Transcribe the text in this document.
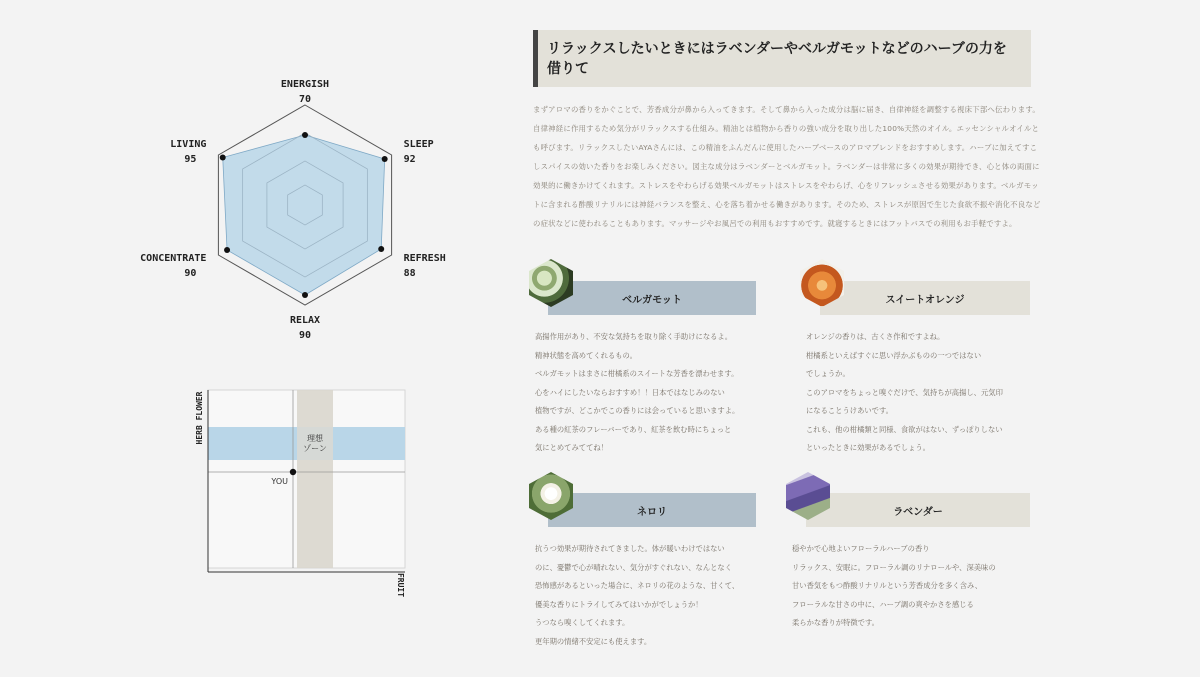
ENERGISH
70
SLEEP
92
REFRESH
88
RELAX
90
CONCENTRATE
90
LIVING
95
理想
ゾーン
YOU
HERB FLOWER
FRUIT
リラックスしたいときにはラベンダーやベルガモットなどのハーブの力を借りて
まずアロマの香りをかぐことで、芳香成分が鼻から入ってきます。そして鼻から入った成分は脳に届き、自律神経を調整する視床下部へ伝わります。自律神経に作用するため気分がリラックスする仕組み。精油とは植物から香りの強い成分を取り出した100%天然のオイル。エッセンシャルオイルとも呼びます。リラックスしたいAYAさんには、この精油をふんだんに使用したハーブベースのアロマブレンドをおすすめします。ハーブに加えてすこしスパイスの効いた香りをお楽しみください。図主な成分はラベンダーとベルガモット。ラベンダーは非常に多くの効果が期待でき、心と体の両面に効果的に働きかけてくれます。ストレスをやわらげる効果ベルガモットはストレスをやわらげ、心をリフレッシュさせる効果があります。ベルガモットに含まれる酢酸リナリルには神経バランスを整え、心を落ち着かせる働きがあります。そのため、ストレスが原因で生じた食欲不振や消化不良などの症状などに使われることもあります。マッサージやお風呂での利用もおすすめです。就寝するときにはフットバスでの利用もお手軽ですよ。
ベルガモット
高揚作用があり、不安な気持ちを取り除く手助けになるよ。
精神状態を高めてくれるもの。
ベルガモットはまさに柑橘系のスイートな芳香を漂わせます。
心をハイにしたいならおすすめ！！日本ではなじみのない
植物ですが、どこかでこの香りには会っていると思いますよ。
ある種の紅茶のフレーバーであり、紅茶を飲む時にちょっと
気にとめてみててね！
スイートオレンジ
オレンジの香りは、古くさ作和ですよね。
柑橘系といえばすぐに思い浮かぶものの一つではない
でしょうか。
このアロマをちょっと嗅ぐだけで、気持ちが高揚し、元気印
になることうけあいです。
これも、他の柑橘類と同様、食欲がはない、ずっぽりしない
といったときに効果があるでしょう。
ネロリ
抗うつ効果が期待されてきました。体が暖いわけではない
のに、憂鬱で心が晴れない、気分がすぐれない、なんとなく
恐怖感があるといった場合に、ネロリの花のような、甘くて、
優美な香りにトライしてみてはいかがでしょうか！
うつなら嗅くしてくれます。
更年期の情緒不安定にも使えます。
ラベンダー
穏やかで心地よいフローラルハーブの香り
リラックス、安眠に。フローラル調のリナロールや、深美味の
甘い香気をもつ酢酸リナリルという芳香成分を多く含み、
フローラルな甘さの中に、ハーブ調の爽やかさを感じる
柔らかな香りが特徴です。
